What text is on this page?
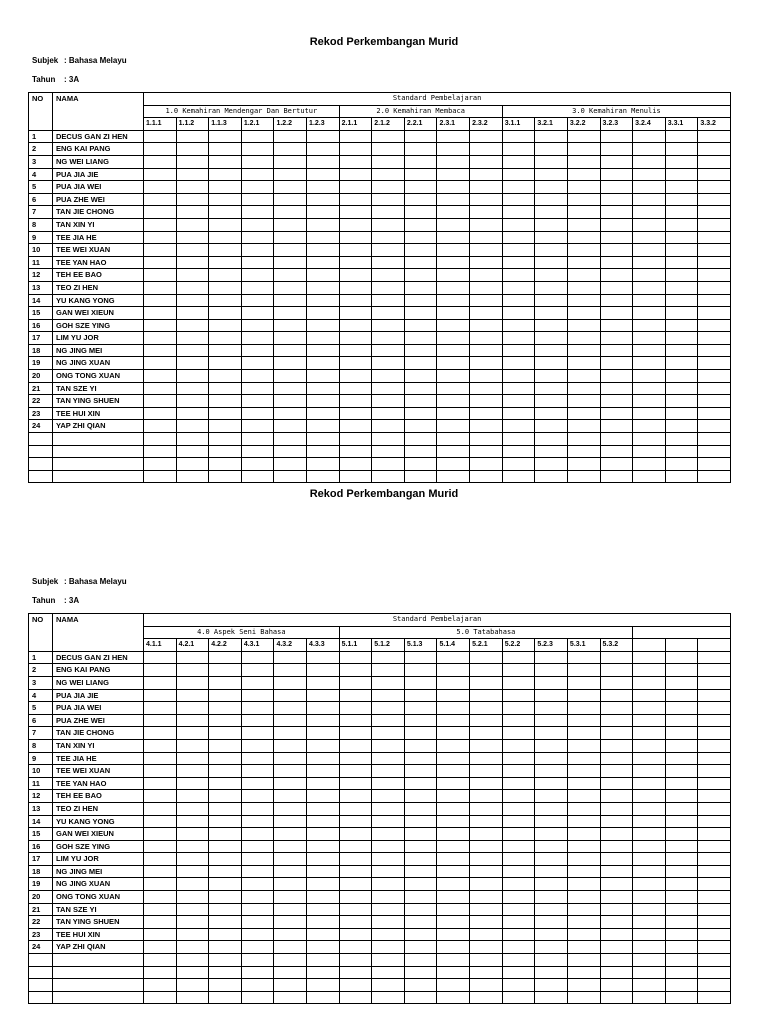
Rekod Perkembangan Murid
Subjek : Bahasa Melayu
Tahun : 3A
NO	NAMA	Standard Pembelajaran																	
		1.0 Kemahiran Mendengar Dan Bertutur						2.0 Kemahiran Membaca					3.0 Kemahiran Menulis						
		1.1.1	1.1.2	1.1.3	1.2.1	1.2.2	1.2.3	2.1.1	2.1.2	2.2.1	2.3.1	2.3.2	3.1.1	3.2.1	3.2.2	3.2.3	3.2.4	3.3.1	3.3.2
1	DECUS GAN ZI HEN																		
2	ENG KAI PANG																		
3	NG WEI LIANG																		
4	PUA JIA JIE																		
5	PUA JIA WEI																		
6	PUA ZHE WEI																		
7	TAN JIE CHONG																		
8	TAN XIN YI																		
9	TEE JIA HE																		
10	TEE WEI XUAN																		
11	TEE YAN HAO																		
12	TEH EE BAO																		
13	TEO ZI HEN																		
14	YU KANG YONG																		
15	GAN WEI XIEUN																		
16	GOH SZE YING																		
17	LIM YU JOR																		
18	NG JING MEI																		
19	NG JING XUAN																		
20	ONG TONG XUAN																		
21	TAN SZE YI																		
22	TAN YING SHUEN																		
23	TEE HUI XIN																		
24	YAP ZHI QIAN																		

Rekod Perkembangan Murid
Subjek : Bahasa Melayu
Tahun : 3A
NO	NAMA	Standard Pembelajaran																	
		4.0 Aspek Seni Bahasa						5.0 Tatabahasa											
		4.1.1	4.2.1	4.2.2	4.3.1	4.3.2	4.3.3	5.1.1	5.1.2	5.1.3	5.1.4	5.2.1	5.2.2	5.2.3	5.3.1	5.3.2			
1	DECUS GAN ZI HEN																		
2	ENG KAI PANG																		
3	NG WEI LIANG																		
4	PUA JIA JIE																		
5	PUA JIA WEI																		
6	PUA ZHE WEI																		
7	TAN JIE CHONG																		
8	TAN XIN YI																		
9	TEE JIA HE																		
10	TEE WEI XUAN																		
11	TEE YAN HAO																		
12	TEH EE BAO																		
13	TEO ZI HEN																		
14	YU KANG YONG																		
15	GAN WEI XIEUN																		
16	GOH SZE YING																		
17	LIM YU JOR																		
18	NG JING MEI																		
19	NG JING XUAN																		
20	ONG TONG XUAN																		
21	TAN SZE YI																		
22	TAN YING SHUEN																		
23	TEE HUI XIN																		
24	YAP ZHI QIAN																		
